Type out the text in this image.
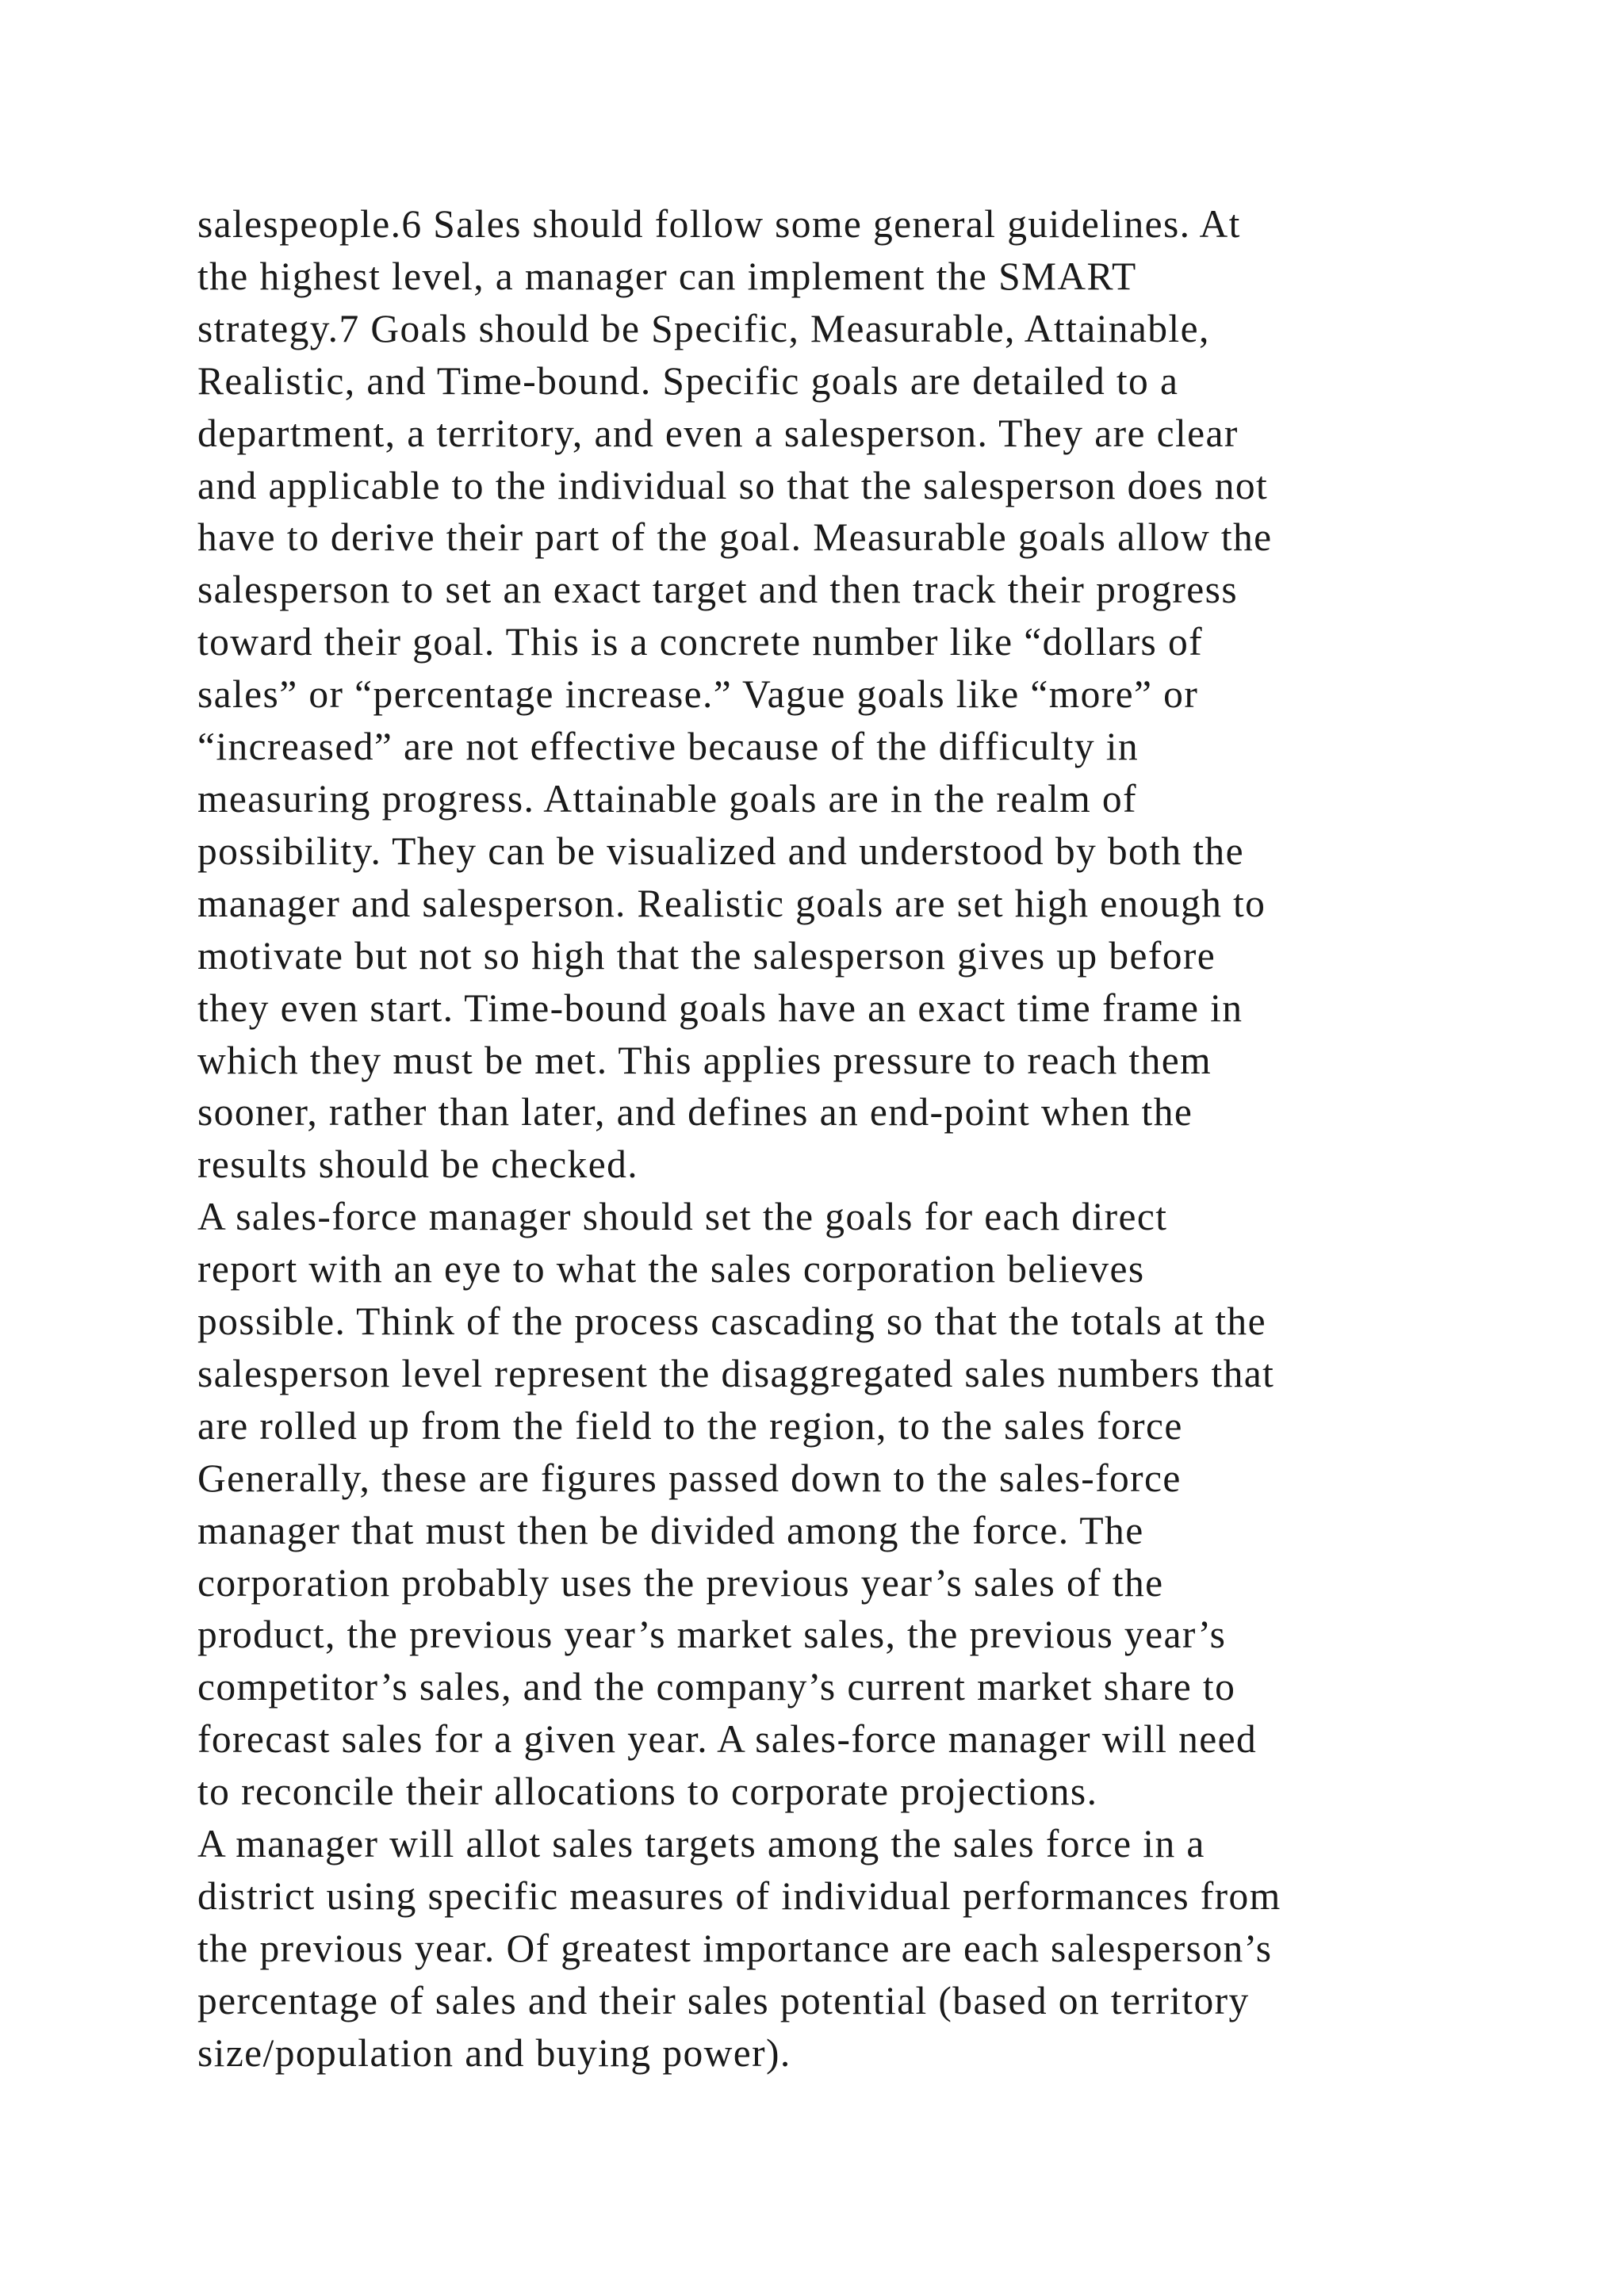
salespeople.6 Sales should follow some general guidelines. At
the highest level, a manager can implement the SMART
strategy.7 Goals should be Specific, Measurable, Attainable,
Realistic, and Time-bound. Specific goals are detailed to a
department, a territory, and even a salesperson. They are clear
and applicable to the individual so that the salesperson does not
have to derive their part of the goal. Measurable goals allow the
salesperson to set an exact target and then track their progress
toward their goal. This is a concrete number like “dollars of
sales” or “percentage increase.” Vague goals like “more” or
“increased” are not effective because of the difficulty in
measuring progress. Attainable goals are in the realm of
possibility. They can be visualized and understood by both the
manager and salesperson. Realistic goals are set high enough to
motivate but not so high that the salesperson gives up before
they even start. Time-bound goals have an exact time frame in
which they must be met. This applies pressure to reach them
sooner, rather than later, and defines an end-point when the
results should be checked.
A sales-force manager should set the goals for each direct
report with an eye to what the sales corporation believes
possible. Think of the process cascading so that the totals at the
salesperson level represent the disaggregated sales numbers that
are rolled up from the field to the region, to the sales force
Generally, these are figures passed down to the sales-force
manager that must then be divided among the force. The
corporation probably uses the previous year’s sales of the
product, the previous year’s market sales, the previous year’s
competitor’s sales, and the company’s current market share to
forecast sales for a given year. A sales-force manager will need
to reconcile their allocations to corporate projections.
A manager will allot sales targets among the sales force in a
district using specific measures of individual performances from
the previous year. Of greatest importance are each salesperson’s
percentage of sales and their sales potential (based on territory
size/population and buying power).
